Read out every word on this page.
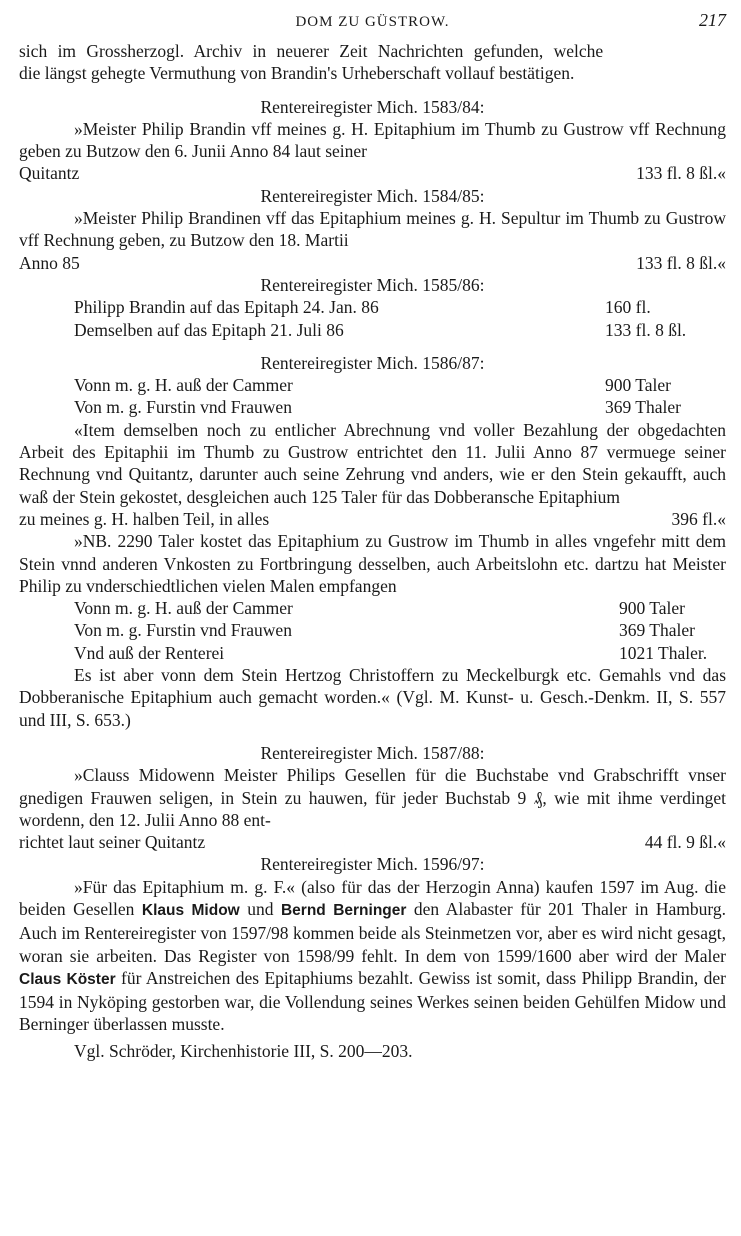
DOM ZU GÜSTROW.	217

sich im Grossherzogl. Archiv in neuerer Zeit Nachrichten gefunden, welche

die längst gehegte Vermuthung von Brandin's Urheberschaft vollauf bestätigen.

Rentereiregister Mich. 1583/84:

»Meister Philip Brandin vff meines g. H. Epitaphium im Thumb zu Gustrow vff Rechnung geben zu Butzow den 6. Junii Anno 84 laut seiner

Quitantz	133 fl. 8 ßl.«

Rentereiregister Mich. 1584/85:

»Meister Philip Brandinen vff das Epitaphium meines g. H. Sepultur im Thumb zu Gustrow vff Rechnung geben, zu Butzow den 18. Martii

Anno 85	133 fl. 8 ßl.«

Rentereiregister Mich. 1585/86:

Philipp Brandin auf das Epitaph 24. Jan. 86	160 fl.
Demselben auf das Epitaph 21. Juli 86	133 fl. 8 ßl.

Rentereiregister Mich. 1586/87:

Vonn m. g. H. auß der Cammer	900 Taler
Von m. g. Furstin vnd Frauwen	369 Thaler

«Item demselben noch zu entlicher Abrechnung vnd voller Bezahlung der obgedachten Arbeit des Epitaphii im Thumb zu Gustrow entrichtet den 11. Julii Anno 87 vermuege seiner Rechnung vnd Quitantz, darunter auch seine Zehrung vnd anders, wie er den Stein gekaufft, auch waß der Stein gekostet, desgleichen auch 125 Taler für das Dobberansche Epitaphium

zu meines g. H. halben Teil, in alles	396 fl.«

»NB. 2290 Taler kostet das Epitaphium zu Gustrow im Thumb in alles vngefehr mitt dem Stein vnnd anderen Vnkosten zu Fortbringung desselben, auch Arbeitslohn etc. dartzu hat Meister Philip zu vnderschiedtlichen vielen Malen empfangen

Vonn m. g. H. auß der Cammer	900 Taler
Von m. g. Furstin vnd Frauwen	369 Thaler
Vnd auß der Renterei	1021 Thaler.

Es ist aber vonn dem Stein Hertzog Christoffern zu Meckelburgk etc. Gemahls vnd das Dobberanische Epitaphium auch gemacht worden.« (Vgl. M. Kunst- u. Gesch.-Denkm. II, S. 557 und III, S. 653.)

Rentereiregister Mich. 1587/88:

»Clauss Midowenn Meister Philips Gesellen für die Buchstabe vnd Grabschrifft vnser gnedigen Frauwen seligen, in Stein zu hauwen, für jeder Buchstab 9 ₰, wie mit ihme verdinget wordenn, den 12. Julii Anno 88 ent-

richtet laut seiner Quitantz	44 fl. 9 ßl.«

Rentereiregister Mich. 1596/97:

»Für das Epitaphium m. g. F.« (also für das der Herzogin Anna) kaufen 1597 im Aug. die beiden Gesellen Klaus Midow und Bernd Berninger den Alabaster für 201 Thaler in Hamburg. Auch im Rentereiregister von 1597/98 kommen beide als Steinmetzen vor, aber es wird nicht gesagt, woran sie arbeiten. Das Register von 1598/99 fehlt. In dem von 1599/1600 aber wird der Maler Claus Köster für Anstreichen des Epitaphiums bezahlt. Gewiss ist somit, dass Philipp Brandin, der 1594 in Nyköping gestorben war, die Vollendung seines Werkes seinen beiden Gehülfen Midow und Berninger überlassen musste.

Vgl. Schröder, Kirchenhistorie III, S. 200—203.
